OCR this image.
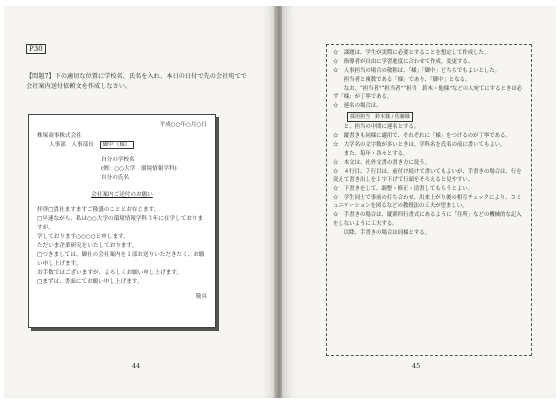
P30
【問題7】下の適切な位置に学校名、氏名を入れ、本日の日付で先の会社宛てで会社案内送付依頼文を作成しなさい。
平成○○年○月○日
株塚商事株式会社
人事部　人事部長 御中（様）
自分の学校名
(例：○○大学　環境情報学科)
自分の氏名
会社案内ご送付のお願い

拝啓□貴社ますますご隆盛のこととお存じます。

□早速ながら、私は○○大学の環境情報学科３年に在学しておりますが、

学しております○○○○と申します。

ただいま企業研究をいたしております。

□つきましては、御社の会社案内を１部お送りいただきたく、お願い申し上げます。

お手数ではございますが、よろしくお願い申し上げます。

□まずは、書面にてお願い申し上げます。

敬具
44

☆　課題は、学生が実際に必要とすることを想定して作成した。

☆　指導者が自由に学習進度に合わせて作成、変更する。

☆　人事担当の場合の敬称は、「様」「御中」どちらでもよいとした。

　　担当者と複数である「様」であり、「御中」となる。

　　なお、“担当者”“担当者”“担当　鈴木・他様”などの人宛てにするときは必ず「様」が丁寧である。

☆　連名の場合は、

採用担当　鈴木様 / 佐藤様

　　と、担当の中間に連名とする。

☆　縦書きも同様に適用で、それぞれに「様」をつけるのが丁寧である。

☆　大学名の文字数が多いときは、学科名を氏名の前に書いてもよい。

　　また、毎年・各々とする。

☆　本文は、社外文書の書き方に従う。

☆　４行目、７行目は、前付け続けて書いてもよいが、手書きの場合は、行を変えて書き出しを１字下げて行頭をそろえると見やすい。

☆　下書きをして、調整・修正・清書してもらうとよい。

☆　学生同士で事前の打ち合わせ、出来上がり後の相互チェックにより、コミュニケーションを図るなどの教授法の工夫が望ましい。

☆　手書きの場合は、縦罫四行書式にあるように「住所」などの機械的な記入をしないように工夫する。

　　以降、手書きの場合は同様とする。

45
